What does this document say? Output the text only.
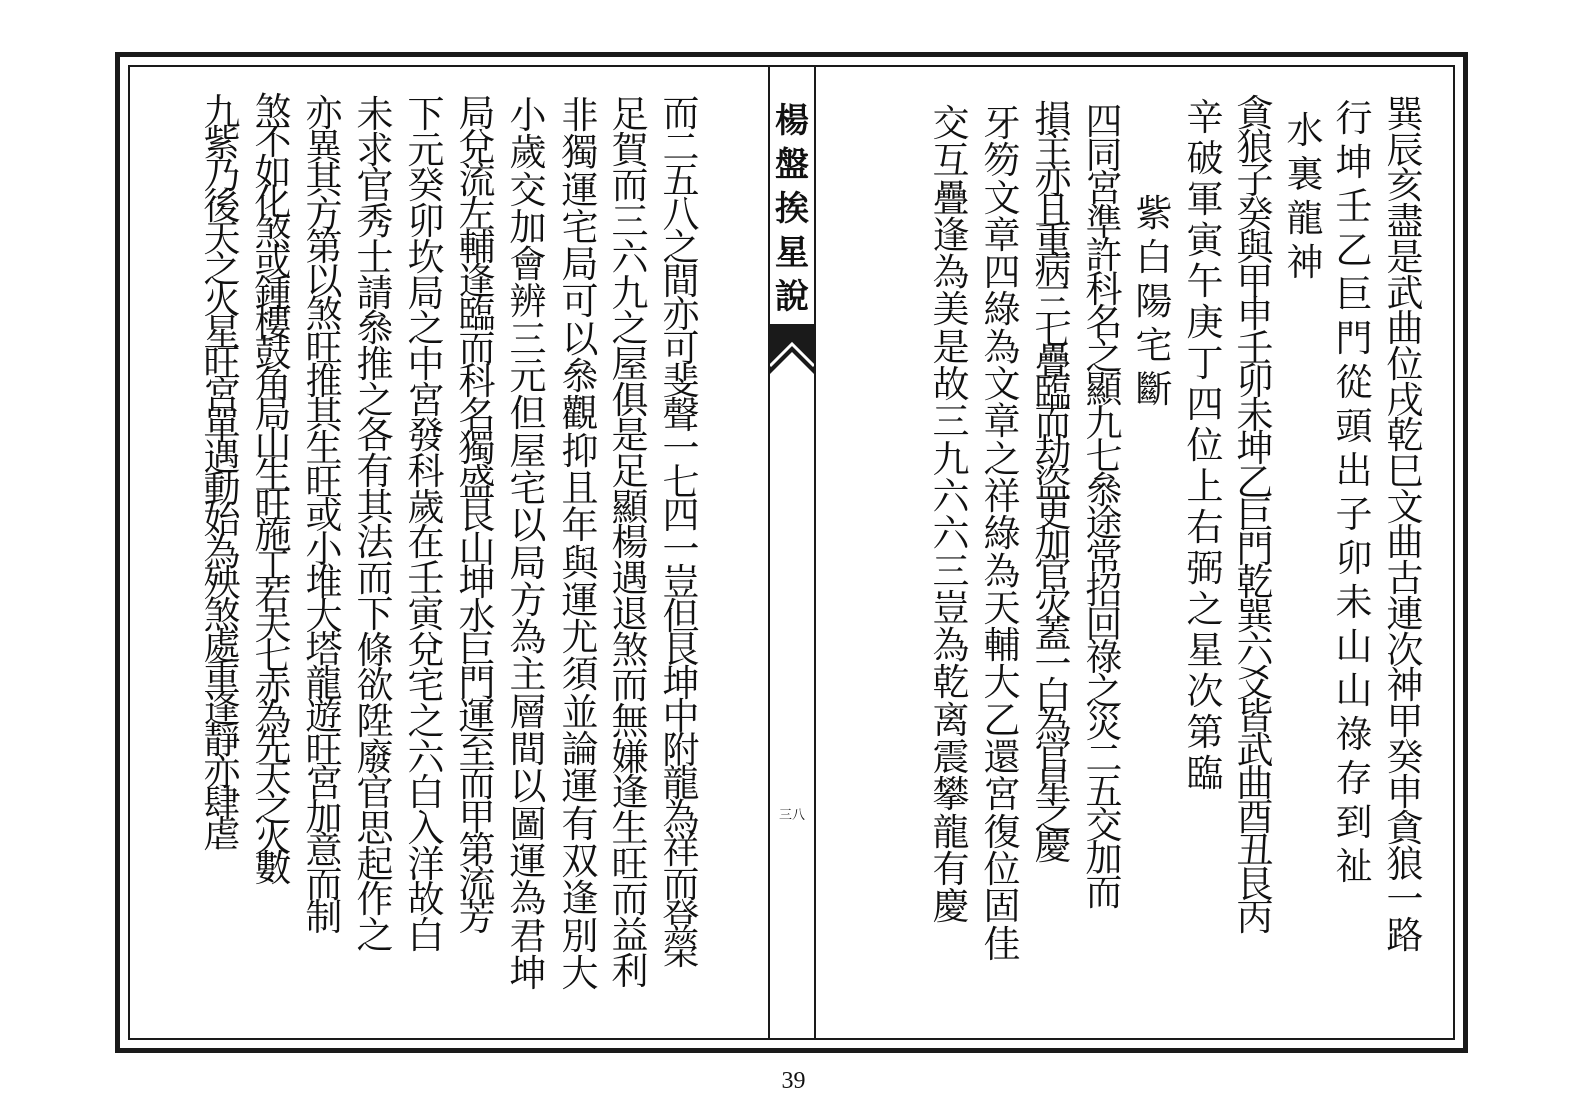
而
二
五
八
之
間
亦
可
斐
聲
一
七
四
一
豈
但
艮
坤
中
附
龍
為
祥
而
登
榮
足
賀
而
三
六
九
之
屋
俱
是
足
顯
楊
遇
退
煞
而
無
嫌
逢
生
旺
而
益
利
非
獨
運
宅
局
可
以
叅
觀
抑
且
年
與
運
尤
須
並
論
運
有
双
逢
別
大
小
歲
交
加
會
辨
三
元
但
屋
宅
以
局
方
為
主
層
間
以
圖
運
為
君
坤
局
兌
流
左
輔
逢
臨
而
科
名
獨
盛
艮
山
坤
水
巨
門
運
至
而
甲
第
流
芳
下
元
癸
卯
坎
局
之
中
宮
發
科
歲
在
壬
寅
兌
宅
之
六
白
入
洋
故
白
未
求
官
秀
士
請
叅
推
之
各
有
其
法
而
下
條
欲
陞
廢
官
思
起
作
之
亦
異
其
方
第
以
煞
旺
推
其
生
旺
或
小
堆
大
塔
龍
遊
旺
宮
加
意
而
制
煞
不
如
化
煞
或
鍾
樓
鼓
角
局
山
生
旺
施
工
若
夫
七
赤
為
先
天
之
火
數
九
紫
乃
後
天
之
火
星
旺
宮
單
遇
動
始
為
殃
煞
處
重
逢
靜
亦
肆
虐
楊
盤
挨
星
說
三八
巽
辰
亥
盡
是
武
曲
位
戌
乾
巳
文
曲
古
連
次
神
甲
癸
申
貪
狼
一
路
行
坤
壬
乙
巨
門
從
頭
出
子
卯
未
山
山
祿
存
到
祉
水
裏
龍
神
貪
狼
子
癸
與
甲
申
壬
卯
未
坤
乙
巨
門
乾
巽
六
爻
皆
武
曲
酉
丑
艮
丙
辛
破
軍
寅
午
庚
丁
四
位
上
右
弼
之
星
次
第
臨
紫
白
陽
宅
斷
四
同
宮
準
許
科
名
之
顯
九
七
叅
途
常
招
回
祿
之
災
二
五
交
加
而
損
主
亦
且
重
病
三
七
疊
臨
而
劫
盜
更
加
官
灾
蓋
一
白
為
官
星
之
慶
牙
笏
文
章
四
綠
為
文
章
之
祥
綠
為
天
輔
大
乙
還
宮
復
位
固
佳
交
互
疊
逢
為
美
是
故
三
九
六
六
三
豈
為
乾
离
震
攀
龍
有
慶
39
